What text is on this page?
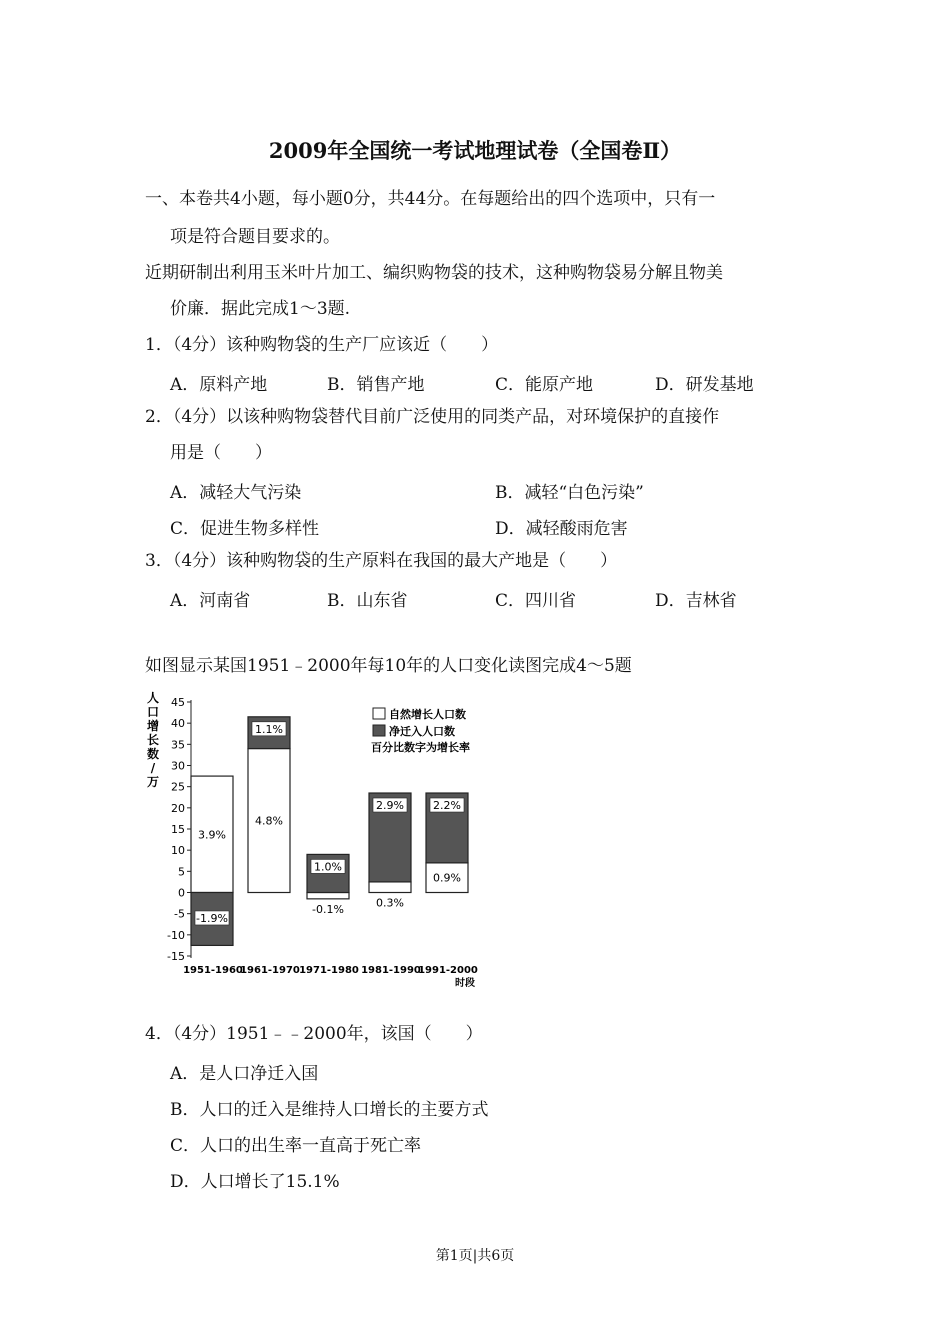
2009年全国统一考试地理试卷（全国卷Ⅱ）
一、本卷共4小题，每小题0分，共44分。在每题给出的四个选项中，只有一
项是符合题目要求的。
近期研制出利用玉米叶片加工、编织购物袋的技术，这种购物袋易分解且物美
价廉．据此完成1～3题.
1．（4分）该种购物袋的生产厂应该近（　　）
A．原料产地	B．销售产地	C．能原产地	D．研发基地
2．（4分）以该种购物袋替代目前广泛使用的同类产品，对环境保护的直接作
用是（　　）
A．减轻大气污染	B．减轻“白色污染”
C．促进生物多样性	D．减轻酸雨危害
3．（4分）该种购物袋的生产原料在我国的最大产地是（　　）
A．河南省	B．山东省	C．四川省	D．吉林省
如图显示某国1951﹣2000年每10年的人口变化读图完成4～5题
人
口
增
长
数
/
万
45
40
35
30
25
20
15
10
5
0
-5
-10
-15
3.9%
-1.9%
4.8%
1.1%
-0.1%
1.0%
0.3%
2.9%
0.9%
2.2%
1951-1960
1961-1970 1971-1980 1981-1990
1991-2000
时段
自然增长人口数
净迁入人口数
百分比数字为增长率
4．（4分）1951﹣﹣2000年，该国（　　）
A．是人口净迁入国
B．人口的迁入是维持人口增长的主要方式
C．人口的出生率一直高于死亡率
D．人口增长了15.1%
第1页|共6页
